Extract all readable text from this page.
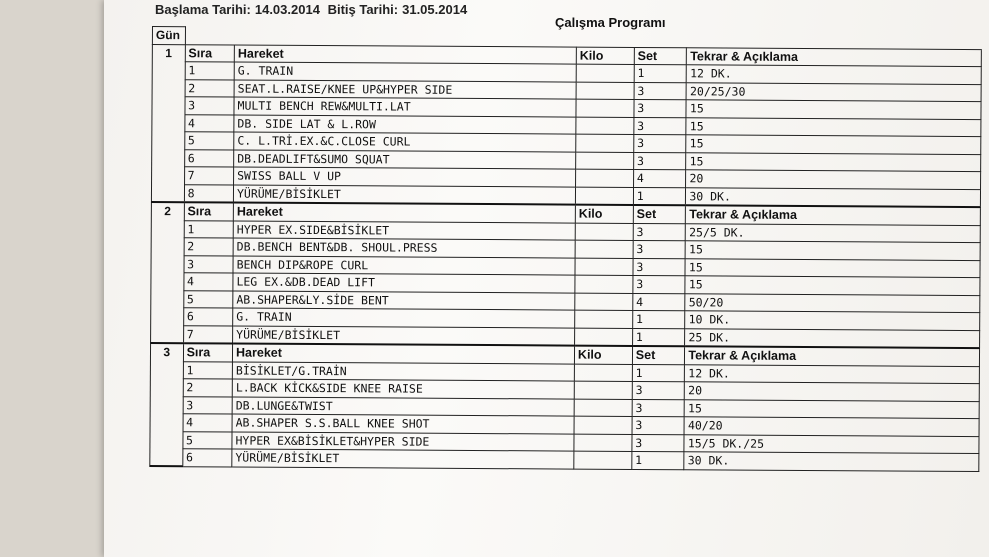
Başlama Tarihi: 14.03.2014 Bitiş Tarihi: 31.05.2014
Çalışma Programı
Gün					
1	Sıra	Hareket	Kilo	Set	Tekrar & Açıklama
	1	G. TRAIN		1	12 DK.
	2	SEAT.L.RAISE/KNEE UP&HYPER SIDE		3	20/25/30
	3	MULTI BENCH REW&MULTI.LAT		3	15
	4	DB. SIDE LAT & L.ROW		3	15
	5	C. L.TRİ.EX.&C.CLOSE CURL		3	15
	6	DB.DEADLIFT&SUMO SQUAT		3	15
	7	SWISS BALL V UP		4	20
	8	YÜRÜME/BİSİKLET		1	30 DK.
2	Sıra	Hareket	Kilo	Set	Tekrar & Açıklama
	1	HYPER EX.SIDE&BİSİKLET		3	25/5 DK.
	2	DB.BENCH BENT&DB. SHOUL.PRESS		3	15
	3	BENCH DIP&ROPE CURL		3	15
	4	LEG EX.&DB.DEAD LIFT		3	15
	5	AB.SHAPER&LY.SİDE BENT		4	50/20
	6	G. TRAIN		1	10 DK.
	7	YÜRÜME/BİSİKLET		1	25 DK.
3	Sıra	Hareket	Kilo	Set	Tekrar & Açıklama
	1	BİSİKLET/G.TRAİN		1	12 DK.
	2	L.BACK KİCK&SIDE KNEE RAISE		3	20
	3	DB.LUNGE&TWIST		3	15
	4	AB.SHAPER S.S.BALL KNEE SHOT		3	40/20
	5	HYPER EX&BİSİKLET&HYPER SIDE		3	15/5 DK./25
	6	YÜRÜME/BİSİKLET		1	30 DK.
